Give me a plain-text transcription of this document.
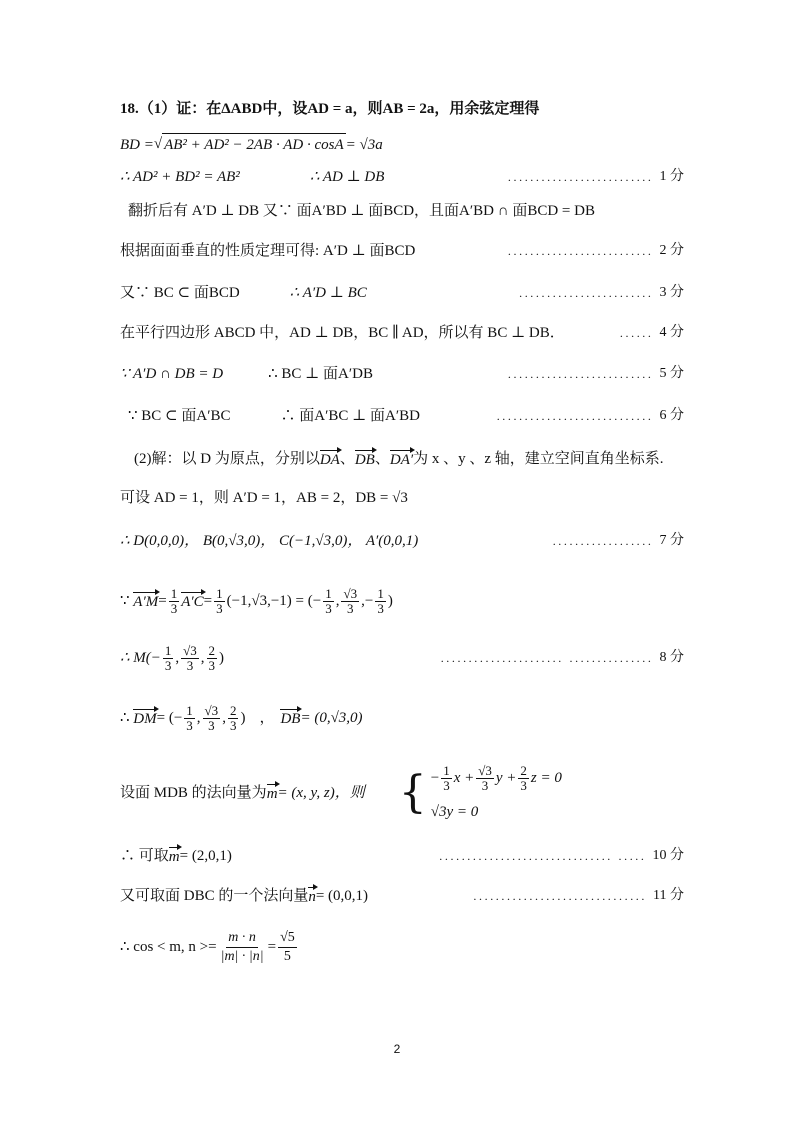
18.（1）证：在ΔABD中，设AD = a，则AB = 2a，用余弦定理得
BD = √ AB² + AD² − 2AB · AD · cosA = √3a
∴ AD² + BD² = AB²	∴ AD ⊥ DB	.......................... 1 分
翻折后有 A′D ⊥ DB 又∵ 面A′BD ⊥ 面BCD，且面A′BD ∩ 面BCD = DB
根据面面垂直的性质定理可得: A′D ⊥ 面BCD	.......................... 2 分
又∵ BC ⊂ 面BCD	∴ A′D ⊥ BC	........................ 3 分
在平行四边形 ABCD 中，AD ⊥ DB，BC ∥ AD，所以有 BC ⊥ DB．	...... 4 分
∵ A′D ∩ DB = D	∴ BC ⊥ 面A′DB	.......................... 5 分
∵ BC ⊂ 面A′BC	∴ 面A′BC ⊥ 面A′BD	............................ 6 分
(2)解：以 D 为原点，分别以 DA 、 DB 、 DA′ 为 x 、y 、z 轴，建立空间直角坐标系.
可设 AD = 1，则 A′D = 1，AB = 2，DB = √3
∴ D(0,0,0)， B(0,√3,0)， C(−1,√3,0)， A′(0,0,1)	.................. 7 分
∵
$A'M = \frac{1}{3} A'C = \frac{1}{3} (-1,√3,-1)$ = (− $\frac{1}{3}$ , $\frac{√3}{3}$ ,− $\frac{1}{3}$ )
∴ $M(- \frac{1}{3}$ , $\frac{√3}{3}$ , $\frac{2}{3}$ )	...................... ............... 8 分
∴
DM = (− $\frac{1}{3}$ , $\frac{√3}{3}$ , $\frac{2}{3}$ ) ， DB = (0,√3,0)
设面 MDB 的法向量为 m = (x, y, z)，则 { − $\frac{1}{3}$ $x + \frac{√3}{3}$ $y + \frac{2}{3}$ z = 0
√3y = 0
∴ 可取 m = (2,0,1)	............................... ..... 10 分
又可取面 DBC 的一个法向量 n = (0,0,1)	............................... 11 分
∴ cos < m, $n >= \frac{m \cdot n}{|m| \cdot |n|} = \frac{√5}{5}$
2
